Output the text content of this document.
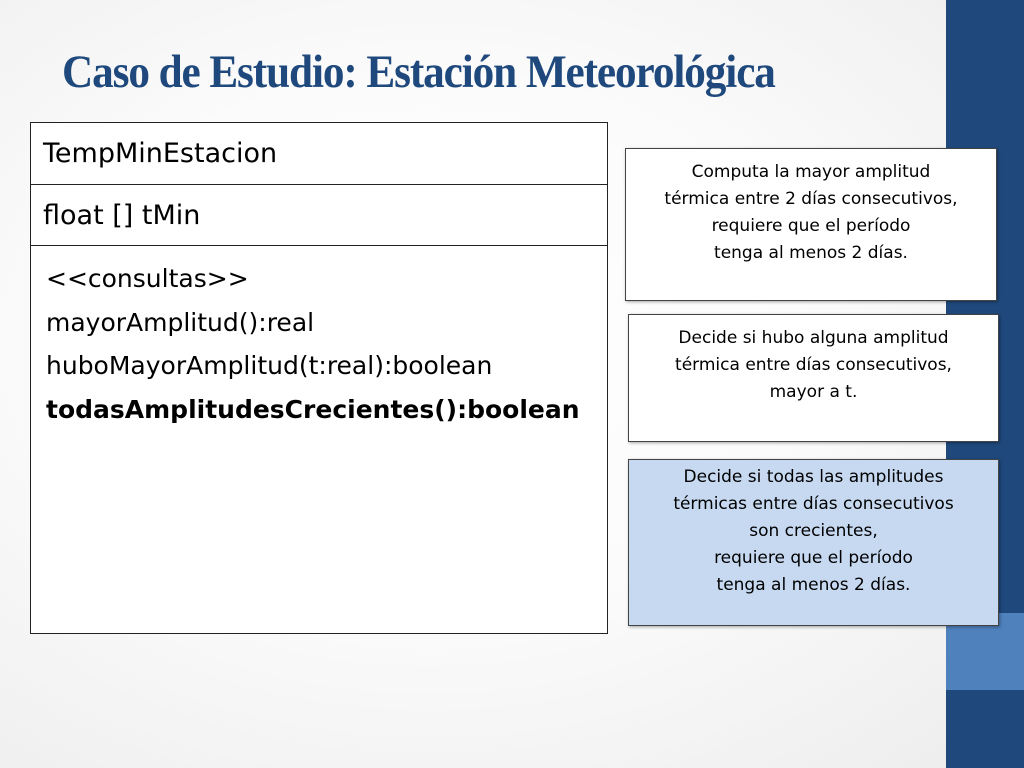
Caso de Estudio: Estación Meteorológica
TempMinEstacion
float [] tMin
<<consultas>>
mayorAmplitud():real
huboMayorAmplitud(t:real):boolean
todasAmplitudesCrecientes():boolean
Computa la mayor amplitud
térmica entre 2 días consecutivos,
requiere que el período
tenga al menos 2 días.
Decide si hubo alguna amplitud
térmica entre días consecutivos,
mayor a t.
Decide si todas las amplitudes
térmicas entre días consecutivos
son crecientes,
requiere que el período
tenga al menos 2 días.
